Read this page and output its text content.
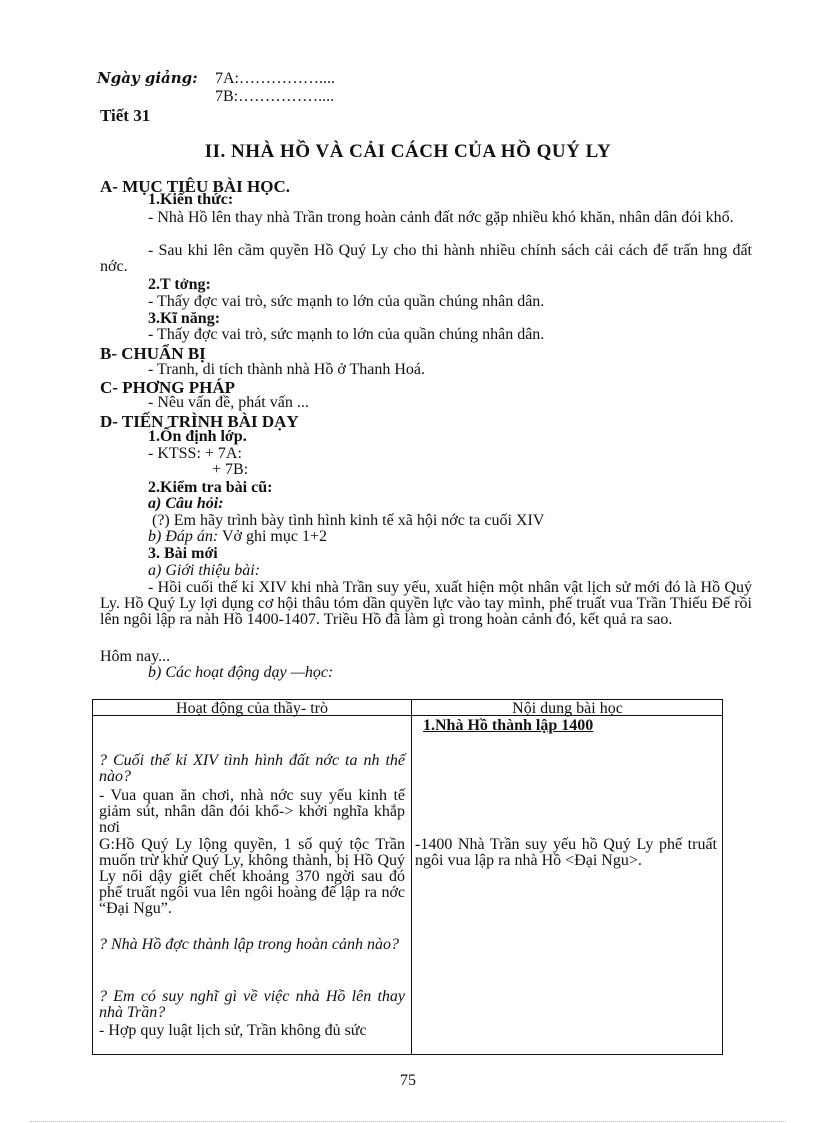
Ngày giảng: 7A:……………....
7B:……………....
Tiết 31
II. NHÀ HỒ VÀ CẢI CÁCH CỦA HỒ QUÝ LY
A- MỤC TIÊU BÀI HỌC.
1.Kiến thức:
- Nhà Hồ lên thay nhà Trần trong hoàn cảnh đất nớc gặp nhiều khó khăn, nhân dân đói khổ.
- Sau khi lên cầm quyền Hồ Quý Ly cho thi hành nhiều chính sách cải cách để trấn hng đất nớc.
2.T tởng:
- Thấy đợc vai trò, sức mạnh to lớn của quần chúng nhân dân.
3.Kĩ năng:
- Thấy đợc vai trò, sức mạnh to lớn của quần chúng nhân dân.
B- CHUẨN BỊ
- Tranh, di tích thành nhà Hồ ở Thanh Hoá.
C- PHƠNG PHÁP
- Nêu vấn đề, phát vấn ...
D- TIẾN TRÌNH BÀI DẠY
1.Ổn định lớp.
- KTSS: + 7A:
+ 7B:
2.Kiểm tra bài cũ:
a) Câu hỏi:
(?) Em hãy trình bày tình hình kinh tế xã hội nớc ta cuối XIV
b) Đáp án: Vở ghi mục 1+2
3. Bài mới
a) Giới thiệu bài:
- Hồi cuối thế kỉ XIV khi nhà Trần suy yếu, xuất hiện một nhân vật lịch sử mới đó là Hồ Quý Ly. Hồ Quý Ly lợi dụng cơ hội thâu tóm dần quyền lực vào tay mình, phế truất vua Trần Thiếu Đế rồi lên ngôi lập ra nàh Hồ 1400-1407. Triều Hồ đã làm gì trong hoàn cảnh đó, kết quả ra sao.
Hôm nay...
b) Các hoạt động dạy —học:
Hoạt động của thầy- trò	Nội dung bài học
1.Nhà Hồ thành lập 1400
? Cuối thế kỉ XIV tình hình đất nớc ta nh thế nào?
- Vua quan ăn chơi, nhà nớc suy yếu kinh tế giảm sút, nhân dân đói khổ-> khởi nghĩa khắp nơi
G:Hồ Quý Ly lộng quyền, 1 số quý tộc Trần muốn trừ khử Quý Ly, không thành, bị Hồ Quý Ly nổi dậy giết chết khoảng 370 ngời sau đó phế truất ngôi vua lên ngôi hoàng đế lập ra nớc “Đại Ngu”.
? Nhà Hồ đợc thành lập trong hoàn cảnh nào?
? Em có suy nghĩ gì về việc nhà Hồ lên thay nhà Trần?
- Hợp quy luật lịch sử, Trần không đủ sức
-1400 Nhà Trần suy yếu hồ Quý Ly phế truất ngôi vua lập ra nhà Hồ <Đại Ngu>.
75
